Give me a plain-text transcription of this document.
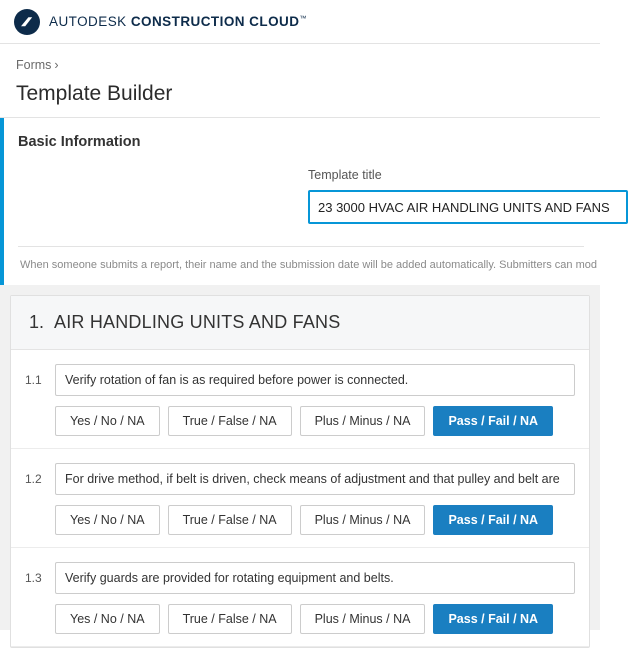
AUTODESK CONSTRUCTION CLOUD™
Forms ›
Template Builder
Basic Information
Template title
23 3000 HVAC AIR HANDLING UNITS AND FANS
When someone submits a report, their name and the submission date will be added automatically. Submitters can mod
1. AIR HANDLING UNITS AND FANS
1.1
Verify rotation of fan is as required before power is connected.
Yes / No / NA	True / False / NA	Plus / Minus / NA	Pass / Fail / NA
1.2
For drive method, if belt is driven, check means of adjustment and that pulley and belt are
Yes / No / NA	True / False / NA	Plus / Minus / NA	Pass / Fail / NA
1.3
Verify guards are provided for rotating equipment and belts.
Yes / No / NA	True / False / NA	Plus / Minus / NA	Pass / Fail / NA
